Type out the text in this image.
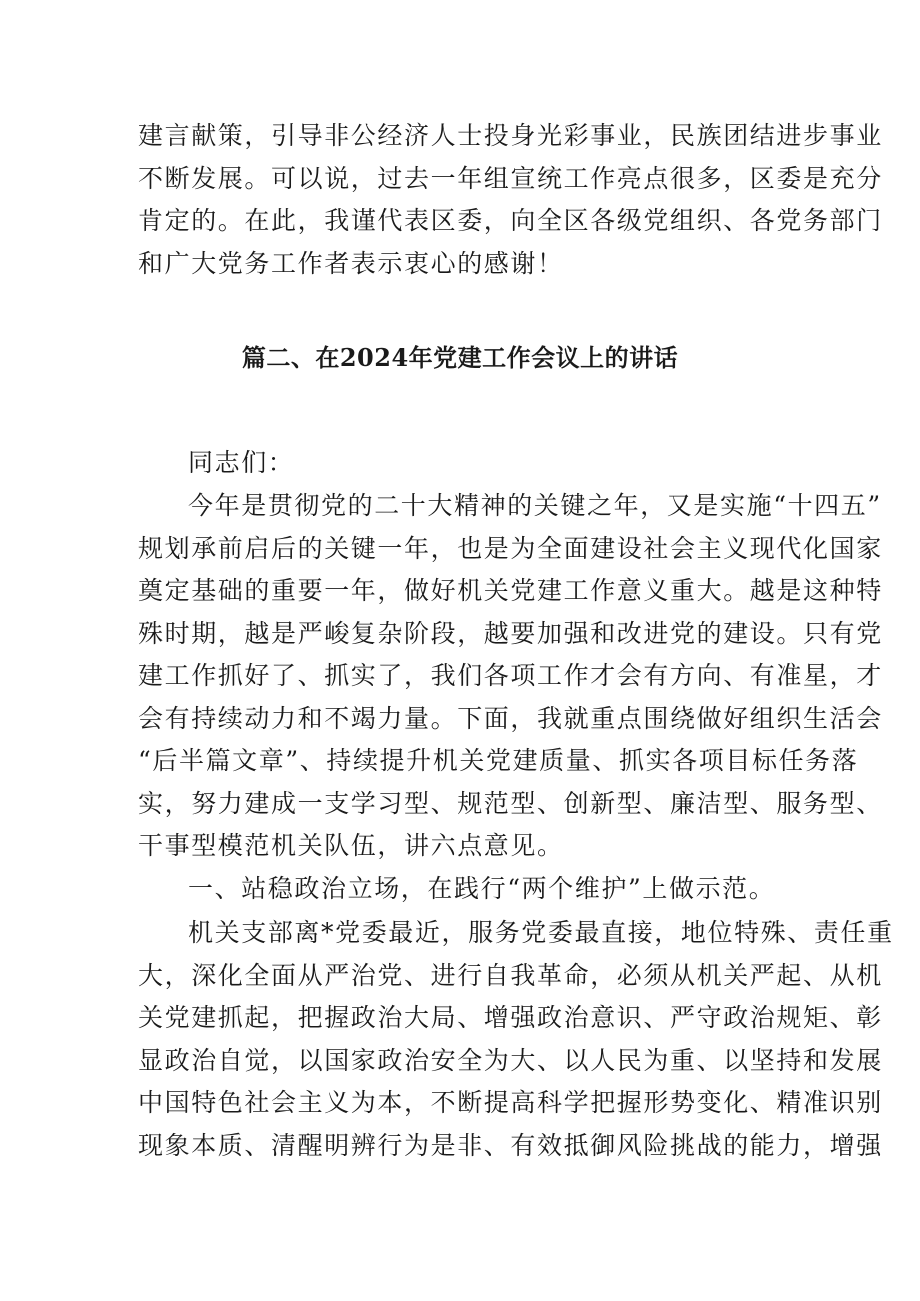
建言献策，引导非公经济人士投身光彩事业，民族团结进步事业
不断发展。可以说，过去一年组宣统工作亮点很多，区委是充分
肯定的。在此，我谨代表区委，向全区各级党组织、各党务部门
和广大党务工作者表示衷心的感谢！

篇二、在2024年党建工作会议上的讲话

同志们：

今年是贯彻党的二十大精神的关键之年，又是实施“十四五”
规划承前启后的关键一年，也是为全面建设社会主义现代化国家
奠定基础的重要一年，做好机关党建工作意义重大。越是这种特
殊时期，越是严峻复杂阶段，越要加强和改进党的建设。只有党
建工作抓好了、抓实了，我们各项工作才会有方向、有准星，才
会有持续动力和不竭力量。下面，我就重点围绕做好组织生活会
“后半篇文章”、持续提升机关党建质量、抓实各项目标任务落
实，努力建成一支学习型、规范型、创新型、廉洁型、服务型、
干事型模范机关队伍，讲六点意见。

一、站稳政治立场，在践行“两个维护”上做示范。

机关支部离*党委最近，服务党委最直接，地位特殊、责任重
大，深化全面从严治党、进行自我革命，必须从机关严起、从机
关党建抓起，把握政治大局、增强政治意识、严守政治规矩、彰
显政治自觉，以国家政治安全为大、以人民为重、以坚持和发展
中国特色社会主义为本，不断提高科学把握形势变化、精准识别
现象本质、清醒明辨行为是非、有效抵御风险挑战的能力，增强
